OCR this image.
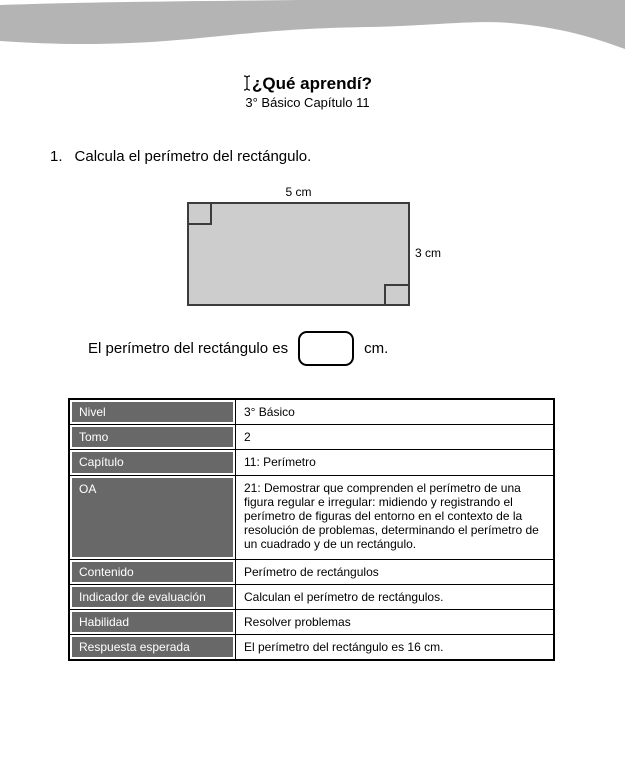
¿Qué aprendí?
3° Básico Capítulo 11
1. Calcula el perímetro del rectángulo.
5 cm
3 cm
El perímetro del rectángulo es	cm.
Nivel	3° Básico
Tomo	2
Capítulo	11: Perímetro
OA	21: Demostrar que comprenden el perímetro de una figura regular e irregular: midiendo y registrando el perímetro de figuras del entorno en el contexto de la resolución de problemas, determinando el perímetro de un cuadrado y de un rectángulo.
Contenido	Perímetro de rectángulos
Indicador de evaluación	Calculan el perímetro de rectángulos.
Habilidad	Resolver problemas
Respuesta esperada	El perímetro del rectángulo es 16 cm.
